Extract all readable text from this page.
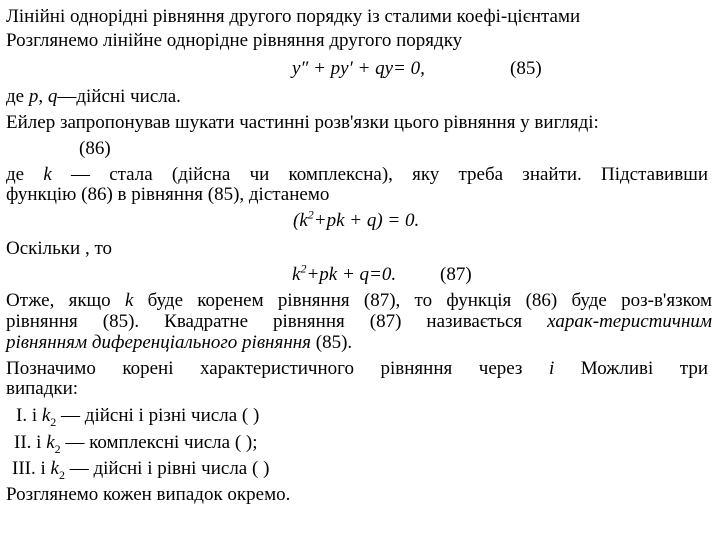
Лінійні однорідні рівняння другого порядку із сталими коефі-цієнтами
Розглянемо лінійне однорідне рівняння другого порядку
y″ + py′ + qy= 0,	(85)
де p, q—дійсні числа.
Ейлер запропонував шукати частинні розв'язки цього рівняння у вигляді:
(86)
де k — стала (дійсна чи комплексна), яку треба знайти. Підставивши
функцію (86) в рівняння (85), дістанемо
$(k^2+pk + q) = 0$.
Оскільки , то
$k^2+pk + q=0$. (87)
Отже, якщо k буде коренем рівняння (87), то функція (86) буде роз-в'язком
рівняння (85). Квадратне рівняння (87) називається харак-теристичним
рівнянням диференціального рівняння (85).
Позначимо корені характеристичного рівняння через і Можливі три
випадки:
I. і $k_2$ — дійсні і різні числа ( )
II. і $k_2$ — комплексні числа ( );
III. і $k_2$ — дійсні і рівні числа ( )
Розглянемо кожен випадок окремо.
